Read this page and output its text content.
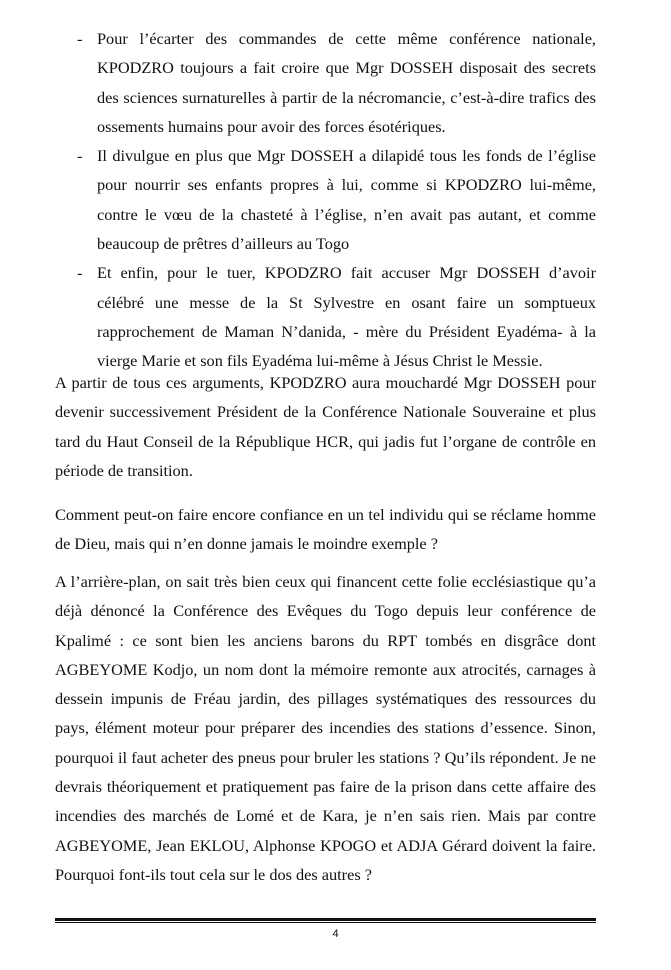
- Pour l’écarter des commandes de cette même conférence nationale, KPODZRO toujours a fait croire que Mgr DOSSEH disposait des secrets des sciences surnaturelles à partir de la nécromancie, c’est-à-dire trafics des ossements humains pour avoir des forces ésotériques.
- Il divulgue en plus que Mgr DOSSEH a dilapidé tous les fonds de l’église pour nourrir ses enfants propres à lui, comme si KPODZRO lui-même, contre le vœu de la chasteté à l’église, n’en avait pas autant, et comme beaucoup de prêtres d’ailleurs au Togo
- Et enfin, pour le tuer, KPODZRO fait accuser Mgr DOSSEH d’avoir célébré une messe de la St Sylvestre en osant faire un somptueux rapprochement de Maman N’danida, - mère du Président Eyadéma- à la vierge Marie et son fils Eyadéma lui-même à Jésus Christ le Messie.

A partir de tous ces arguments, KPODZRO aura mouchardé Mgr DOSSEH pour devenir successivement Président de la Conférence Nationale Souveraine et plus tard du Haut Conseil de la République HCR, qui jadis fut l’organe de contrôle en période de transition.

Comment peut-on faire encore confiance en un tel individu qui se réclame homme de Dieu, mais qui n’en donne jamais le moindre exemple ?

A l’arrière-plan, on sait très bien ceux qui financent cette folie ecclésiastique qu’a déjà dénoncé la Conférence des Evêques du Togo depuis leur conférence de Kpalimé : ce sont bien les anciens barons du RPT tombés en disgrâce dont AGBEYOME Kodjo, un nom dont la mémoire remonte aux atrocités, carnages à dessein impunis de Fréau jardin, des pillages systématiques des ressources du pays, élément moteur pour préparer des incendies des stations d’essence. Sinon, pourquoi il faut acheter des pneus pour bruler les stations ? Qu’ils répondent. Je ne devrais théoriquement et pratiquement pas faire de la prison dans cette affaire des incendies des marchés de Lomé et de Kara, je n’en sais rien. Mais par contre AGBEYOME, Jean EKLOU, Alphonse KPOGO et ADJA Gérard doivent la faire. Pourquoi font-ils tout cela sur le dos des autres ?

4
